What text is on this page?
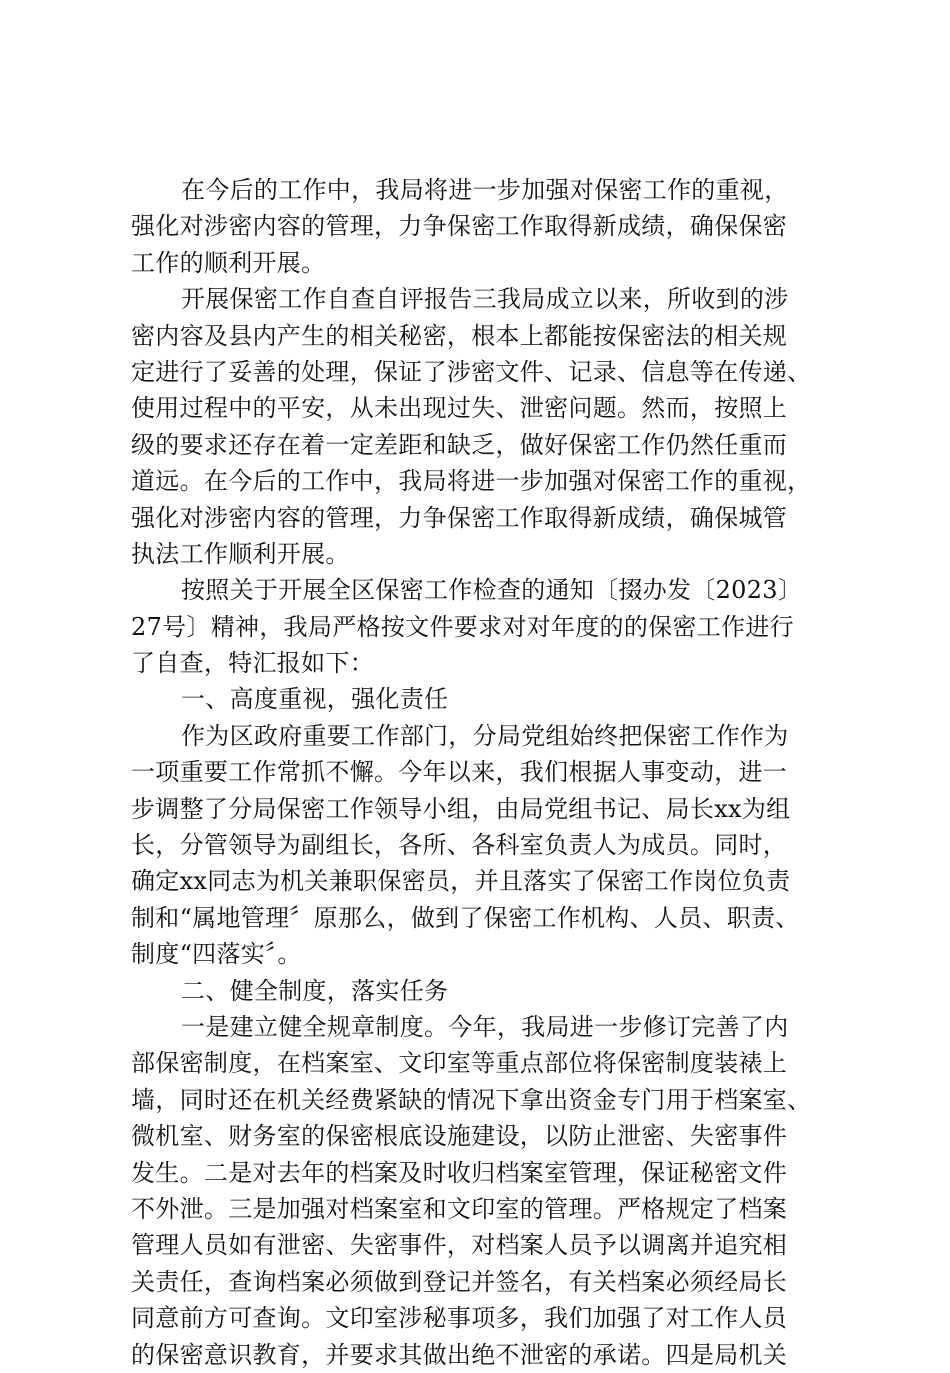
在今后的工作中，我局将进一步加强对保密工作的重视，
强化对涉密内容的管理，力争保密工作取得新成绩，确保保密
工作的顺利开展。
开展保密工作自查自评报告三我局成立以来，所收到的涉
密内容及县内产生的相关秘密，根本上都能按保密法的相关规
定进行了妥善的处理，保证了涉密文件、记录、信息等在传递、
使用过程中的平安，从未出现过失、泄密问题。然而，按照上
级的要求还存在着一定差距和缺乏，做好保密工作仍然任重而
道远。在今后的工作中，我局将进一步加强对保密工作的重视，
强化对涉密内容的管理，力争保密工作取得新成绩，确保城管
执法工作顺利开展。
按照关于开展全区保密工作检查的通知〔掇办发〔2023〕
27号〕精神，我局严格按文件要求对对年度的的保密工作进行
了自查，特汇报如下：
一、高度重视，强化责任
作为区政府重要工作部门，分局党组始终把保密工作作为
一项重要工作常抓不懈。今年以来，我们根据人事变动，进一
步调整了分局保密工作领导小组，由局党组书记、局长xx为组
长，分管领导为副组长，各所、各科室负责人为成员。同时，
确定xx同志为机关兼职保密员，并且落实了保密工作岗位负责
制和“属地管理〞原那么，做到了保密工作机构、人员、职责、
制度“四落实〞。
二、健全制度，落实任务
一是建立健全规章制度。今年，我局进一步修订完善了内
部保密制度，在档案室、文印室等重点部位将保密制度装裱上
墙，同时还在机关经费紧缺的情况下拿出资金专门用于档案室、
微机室、财务室的保密根底设施建设，以防止泄密、失密事件
发生。二是对去年的档案及时收归档案室管理，保证秘密文件
不外泄。三是加强对档案室和文印室的管理。严格规定了档案
管理人员如有泄密、失密事件，对档案人员予以调离并追究相
关责任，查询档案必须做到登记并签名，有关档案必须经局长
同意前方可查询。文印室涉秘事项多，我们加强了对工作人员
的保密意识教育，并要求其做出绝不泄密的承诺。四是局机关
